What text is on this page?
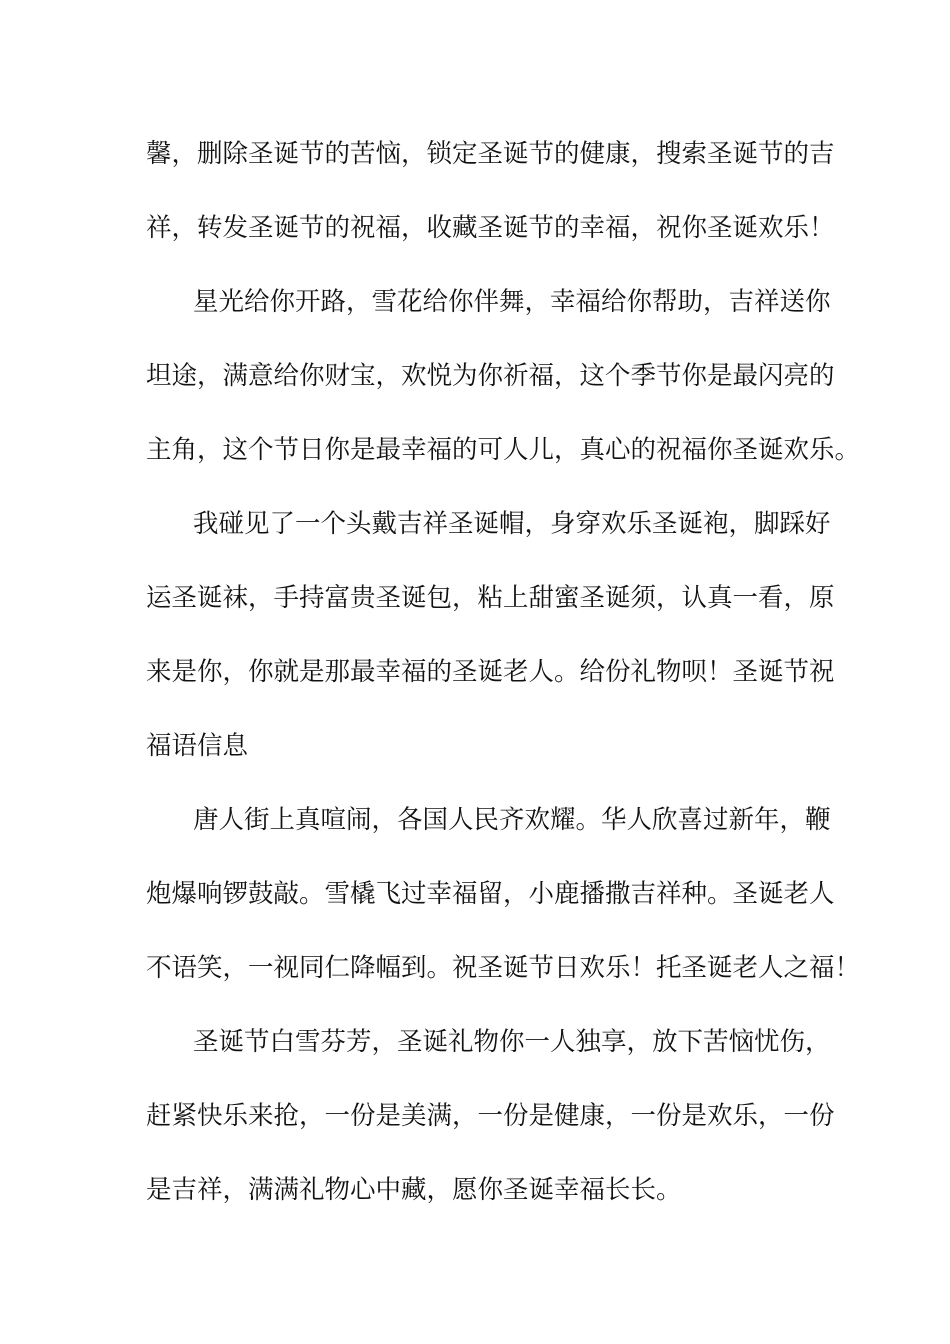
馨，删除圣诞节的苦恼，锁定圣诞节的健康，搜索圣诞节的吉
祥，转发圣诞节的祝福，收藏圣诞节的幸福，祝你圣诞欢乐！
星光给你开路，雪花给你伴舞，幸福给你帮助，吉祥送你
坦途，满意给你财宝，欢悦为你祈福，这个季节你是最闪亮的
主角，这个节日你是最幸福的可人儿，真心的祝福你圣诞欢乐。
我碰见了一个头戴吉祥圣诞帽，身穿欢乐圣诞袍，脚踩好
运圣诞袜，手持富贵圣诞包，粘上甜蜜圣诞须，认真一看，原
来是你，你就是那最幸福的圣诞老人。给份礼物呗！圣诞节祝
福语信息
唐人街上真喧闹，各国人民齐欢耀。华人欣喜过新年，鞭
炮爆响锣鼓敲。雪橇飞过幸福留，小鹿播撒吉祥种。圣诞老人
不语笑，一视同仁降幅到。祝圣诞节日欢乐！托圣诞老人之福！
圣诞节白雪芬芳，圣诞礼物你一人独享，放下苦恼忧伤，
赶紧快乐来抢，一份是美满，一份是健康，一份是欢乐，一份
是吉祥，满满礼物心中藏，愿你圣诞幸福长长。
